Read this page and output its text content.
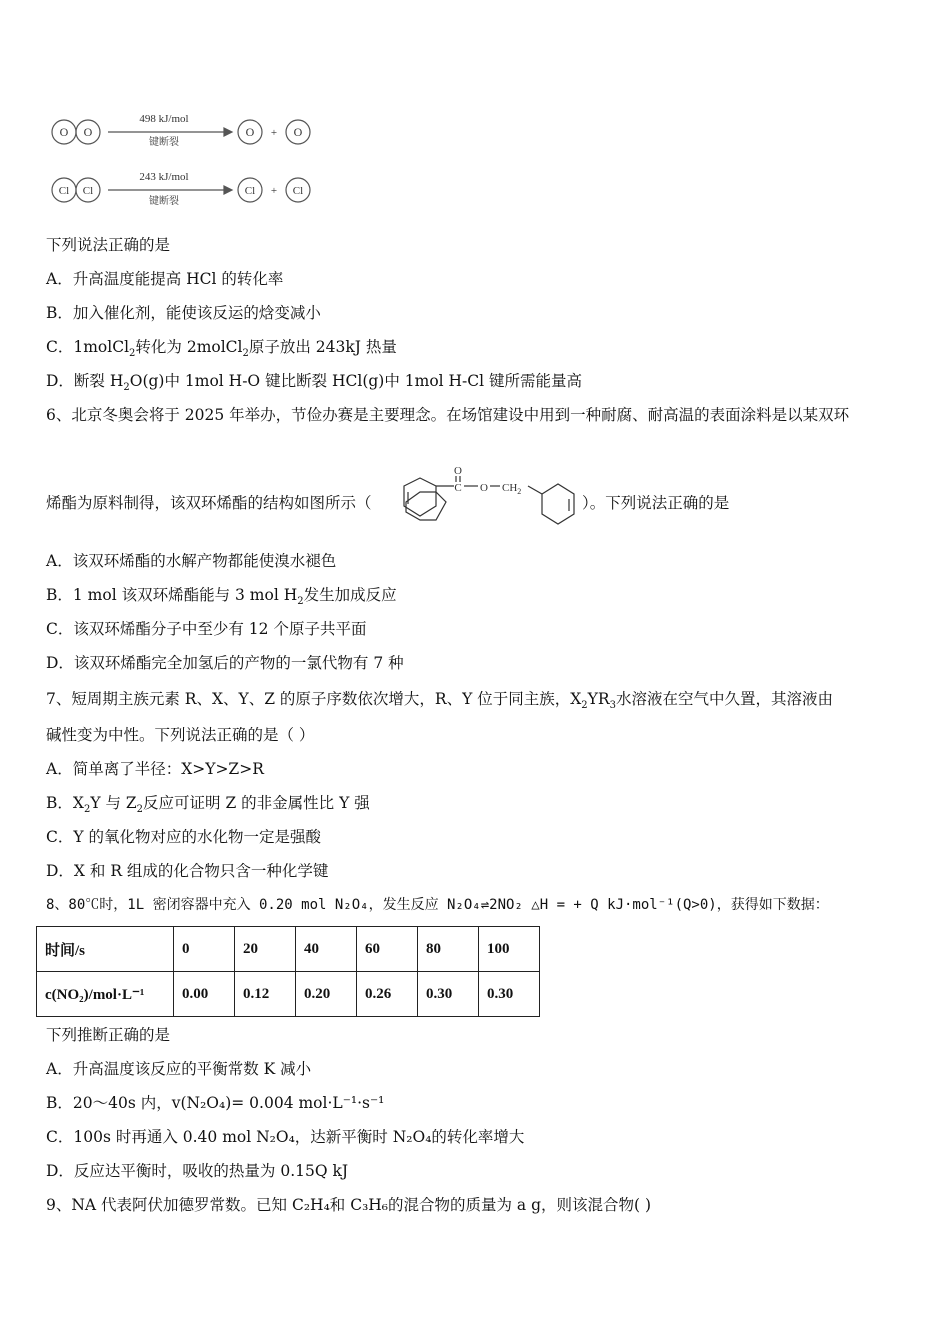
O O
498 kJ/mol
键断裂
O + O
Cl Cl
243 kJ/mol
键断裂
Cl + Cl
下列说法正确的是
A．升高温度能提高 HCl 的转化率
B．加入催化剂，能使该反运的焓变减小
C．1molCl$_2$转化为 2molCl$_2$原子放出 243kJ 热量
D．断裂 $H_2O(g)$中 1mol H-O 键比断裂 HCl(g)中 1mol H-Cl 键所需能量高
6、北京冬奥会将于 2025 年举办，节俭办赛是主要理念。在场馆建设中用到一种耐腐、耐高温的表面涂料是以某双环
烯酯为原料制得，该双环烯酯的结构如图所示（
O
C O $CH_2$
）。下列说法正确的是
A．该双环烯酯的水解产物都能使溴水褪色
B．1 mol 该双环烯酯能与 3 mol $H_2$发生加成反应
C．该双环烯酯分子中至少有 12 个原子共平面
D．该双环烯酯完全加氢后的产物的一氯代物有 7 种
7、短周期主族元素 R、X、Y、Z 的原子序数依次增大，R、Y 位于同主族，$X_2YR_3$水溶液在空气中久置，其溶液由
碱性变为中性。下列说法正确的是（ ）
A．简单离了半径：X>Y>Z>R
B．$X_2Y$ 与 $Z_2$反应可证明 Z 的非金属性比 Y 强
C．Y 的氧化物对应的水化物一定是强酸
D．X 和 R 组成的化合物只含一种化学键
8、80℃时，1L 密闭容器中充入 0.20 mol N₂O₄，发生反应 N₂O₄⇌2NO₂ △H = + Q kJ·mol⁻¹(Q>0)，获得如下数据：
时间/s	0	20	40	60	80	100
c(NO₂)/mol·L⁻¹	0.00	0.12	0.20	0.26	0.30	0.30
下列推断正确的是
A．升高温度该反应的平衡常数 K 减小
B．20～40s 内，v(N₂O₄)= 0.004 mol·L⁻¹·s⁻¹
C．100s 时再通入 0.40 mol N₂O₄，达新平衡时 N₂O₄的转化率增大
D．反应达平衡时，吸收的热量为 0.15Q kJ
9、NA 代表阿伏加德罗常数。已知 C₂H₄和 C₃H₆的混合物的质量为 a g，则该混合物( )
